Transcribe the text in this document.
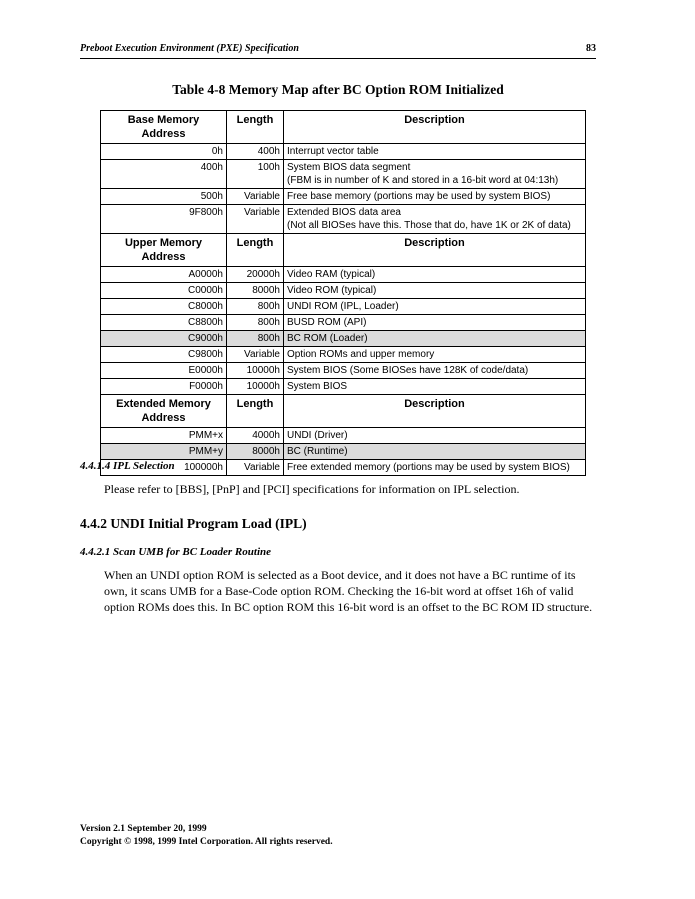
Preboot Execution Environment (PXE) Specification	83
Table 4-8 Memory Map after BC Option ROM Initialized
Base Memory
Address	Length	Description
0h	400h	Interrupt vector table
400h	100h	System BIOS data segment
(FBM is in number of K and stored in a 16-bit word at 04:13h)
500h	Variable	Free base memory (portions may be used by system BIOS)
9F800h	Variable	Extended BIOS data area
(Not all BIOSes have this. Those that do, have 1K or 2K of data)
Upper Memory
Address	Length	Description
A0000h	20000h	Video RAM (typical)
C0000h	8000h	Video ROM (typical)
C8000h	800h	UNDI ROM (IPL, Loader)
C8800h	800h	BUSD ROM (API)
C9000h	800h	BC ROM (Loader)
C9800h	Variable	Option ROMs and upper memory
E0000h	10000h	System BIOS (Some BIOSes have 128K of code/data)
F0000h	10000h	System BIOS
Extended Memory
Address	Length	Description
PMM+x	4000h	UNDI (Driver)
PMM+y	8000h	BC (Runtime)
100000h	Variable	Free extended memory (portions may be used by system BIOS)
4.4.1.4 IPL Selection
Please refer to [BBS], [PnP] and [PCI] specifications for information on IPL selection.
4.4.2 UNDI Initial Program Load (IPL)
4.4.2.1 Scan UMB for BC Loader Routine
When an UNDI option ROM is selected as a Boot device, and it does not have a BC runtime of its
own, it scans UMB for a Base-Code option ROM. Checking the 16-bit word at offset 16h of valid
option ROMs does this. In BC option ROM this 16-bit word is an offset to the BC ROM ID structure.
Version 2.1 September 20, 1999
Copyright © 1998, 1999 Intel Corporation. All rights reserved.
